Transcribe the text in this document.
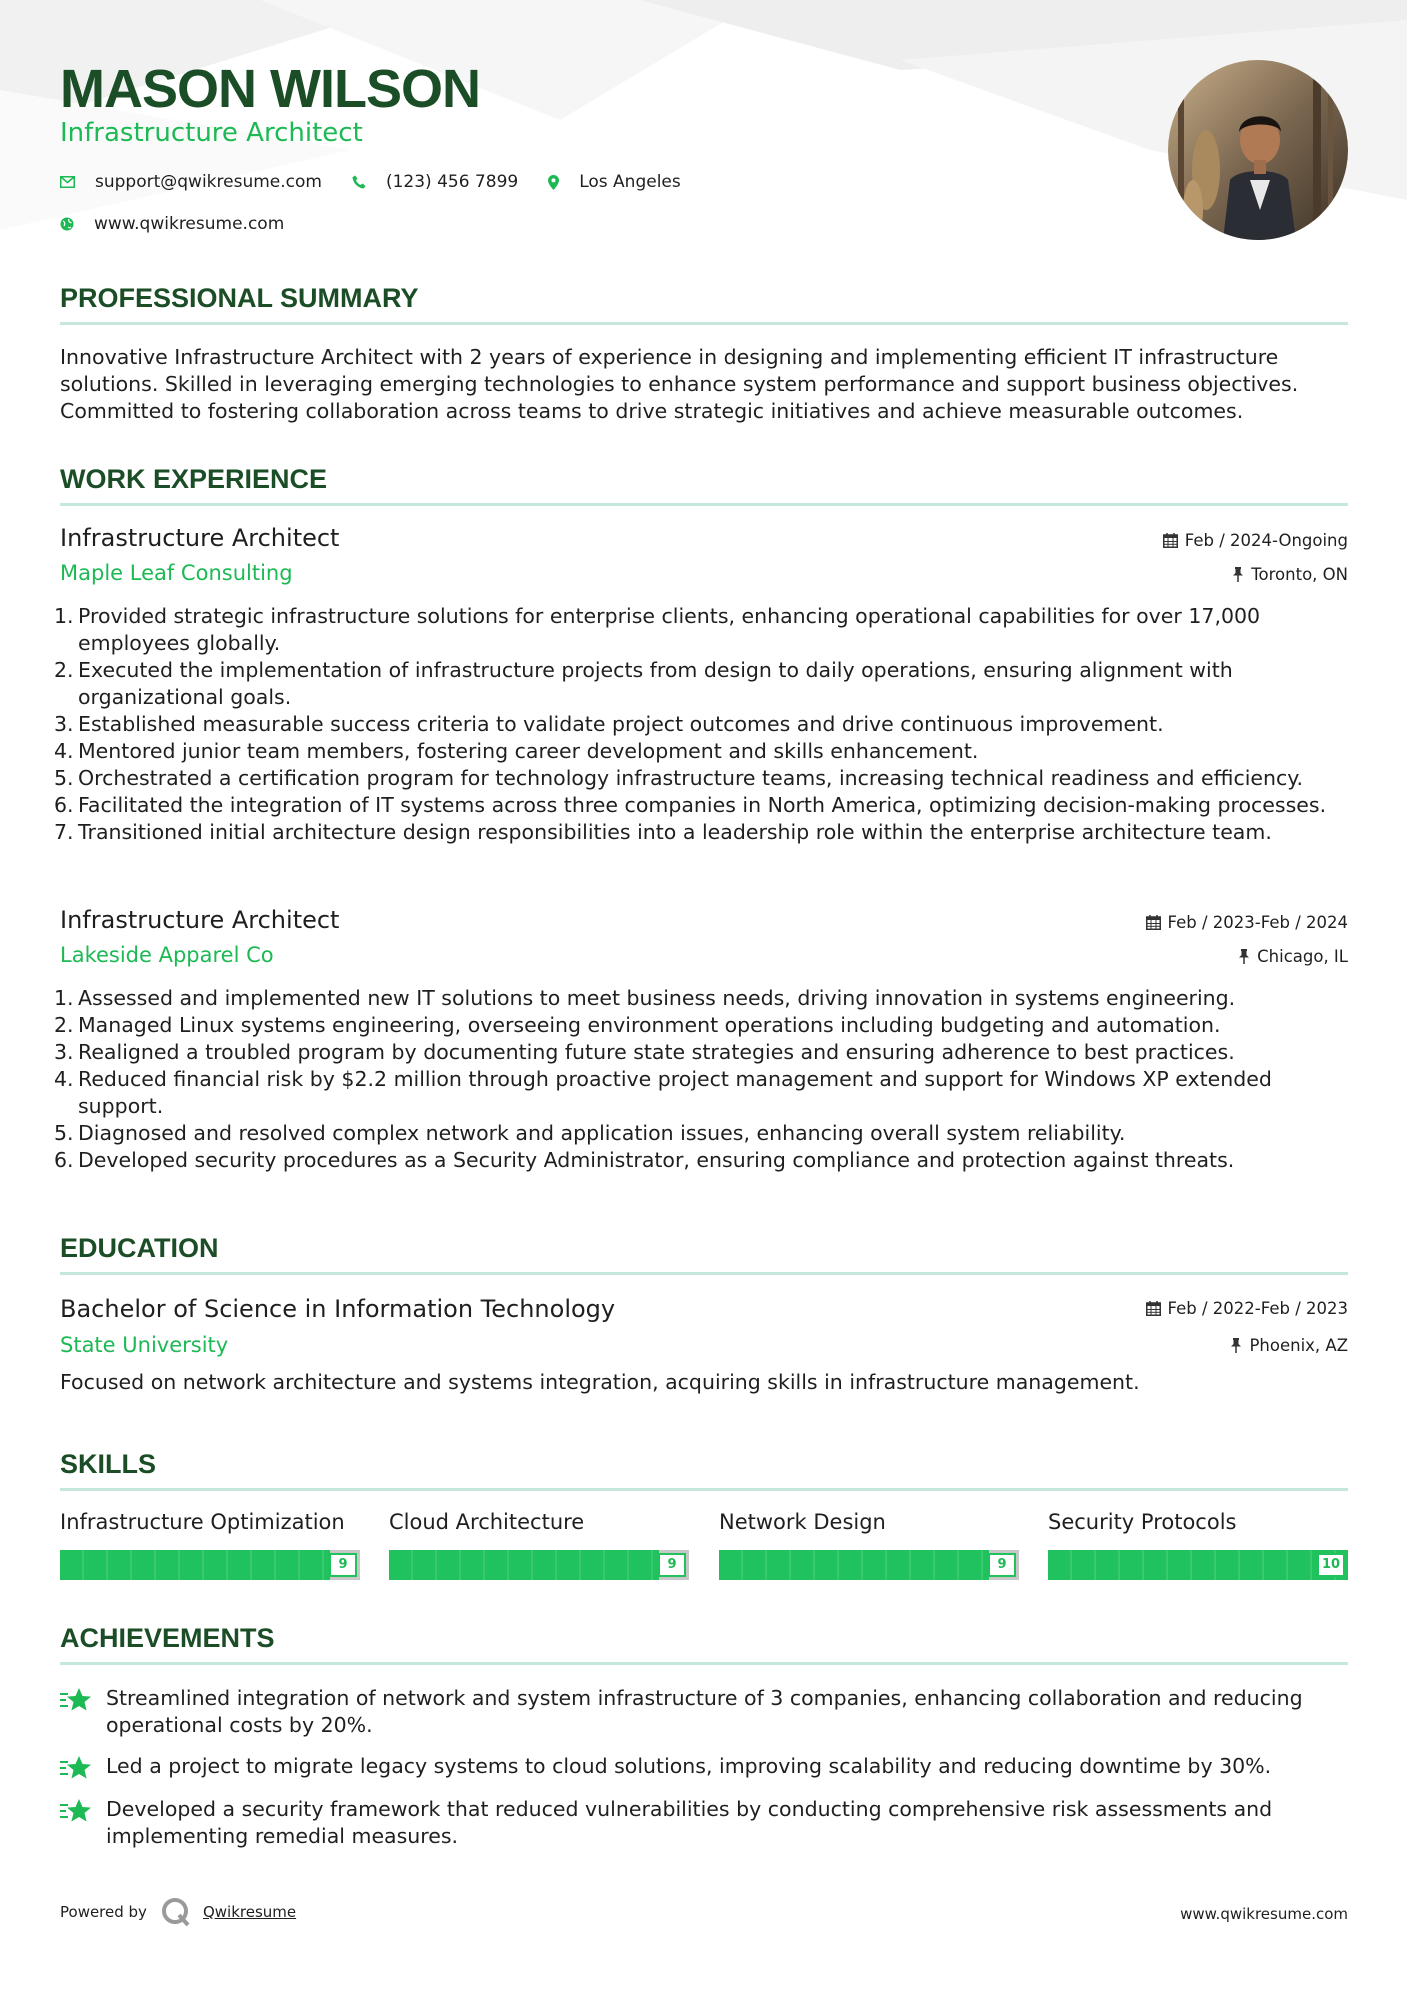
MASON WILSON
Infrastructure Architect
support@qwikresume.com	(123) 456 7899	Los Angeles
www.qwikresume.com
PROFESSIONAL SUMMARY
Innovative Infrastructure Architect with 2 years of experience in designing and implementing efficient IT infrastructure solutions. Skilled in leveraging emerging technologies to enhance system performance and support business objectives. Committed to fostering collaboration across teams to drive strategic initiatives and achieve measurable outcomes.
WORK EXPERIENCE
Infrastructure Architect	Feb / 2024-Ongoing
Maple Leaf Consulting	Toronto, ON
1. Provided strategic infrastructure solutions for enterprise clients, enhancing operational capabilities for over 17,000 employees globally.
2. Executed the implementation of infrastructure projects from design to daily operations, ensuring alignment with organizational goals.
3. Established measurable success criteria to validate project outcomes and drive continuous improvement.
4. Mentored junior team members, fostering career development and skills enhancement.
5. Orchestrated a certification program for technology infrastructure teams, increasing technical readiness and efficiency.
6. Facilitated the integration of IT systems across three companies in North America, optimizing decision-making processes.
7. Transitioned initial architecture design responsibilities into a leadership role within the enterprise architecture team.
Infrastructure Architect	Feb / 2023-Feb / 2024
Lakeside Apparel Co	Chicago, IL
1. Assessed and implemented new IT solutions to meet business needs, driving innovation in systems engineering.
2. Managed Linux systems engineering, overseeing environment operations including budgeting and automation.
3. Realigned a troubled program by documenting future state strategies and ensuring adherence to best practices.
4. Reduced financial risk by $2.2 million through proactive project management and support for Windows XP extended support.
5. Diagnosed and resolved complex network and application issues, enhancing overall system reliability.
6. Developed security procedures as a Security Administrator, ensuring compliance and protection against threats.
EDUCATION
Bachelor of Science in Information Technology	Feb / 2022-Feb / 2023
State University	Phoenix, AZ
Focused on network architecture and systems integration, acquiring skills in infrastructure management.
SKILLS
Infrastructure Optimization
9
Cloud Architecture
9
Network Design
9
Security Protocols
10
ACHIEVEMENTS
Streamlined integration of network and system infrastructure of 3 companies, enhancing collaboration and reducing operational costs by 20%.
Led a project to migrate legacy systems to cloud solutions, improving scalability and reducing downtime by 30%.
Developed a security framework that reduced vulnerabilities by conducting comprehensive risk assessments and implementing remedial measures.
Powered by	Qwikresume	www.qwikresume.com
